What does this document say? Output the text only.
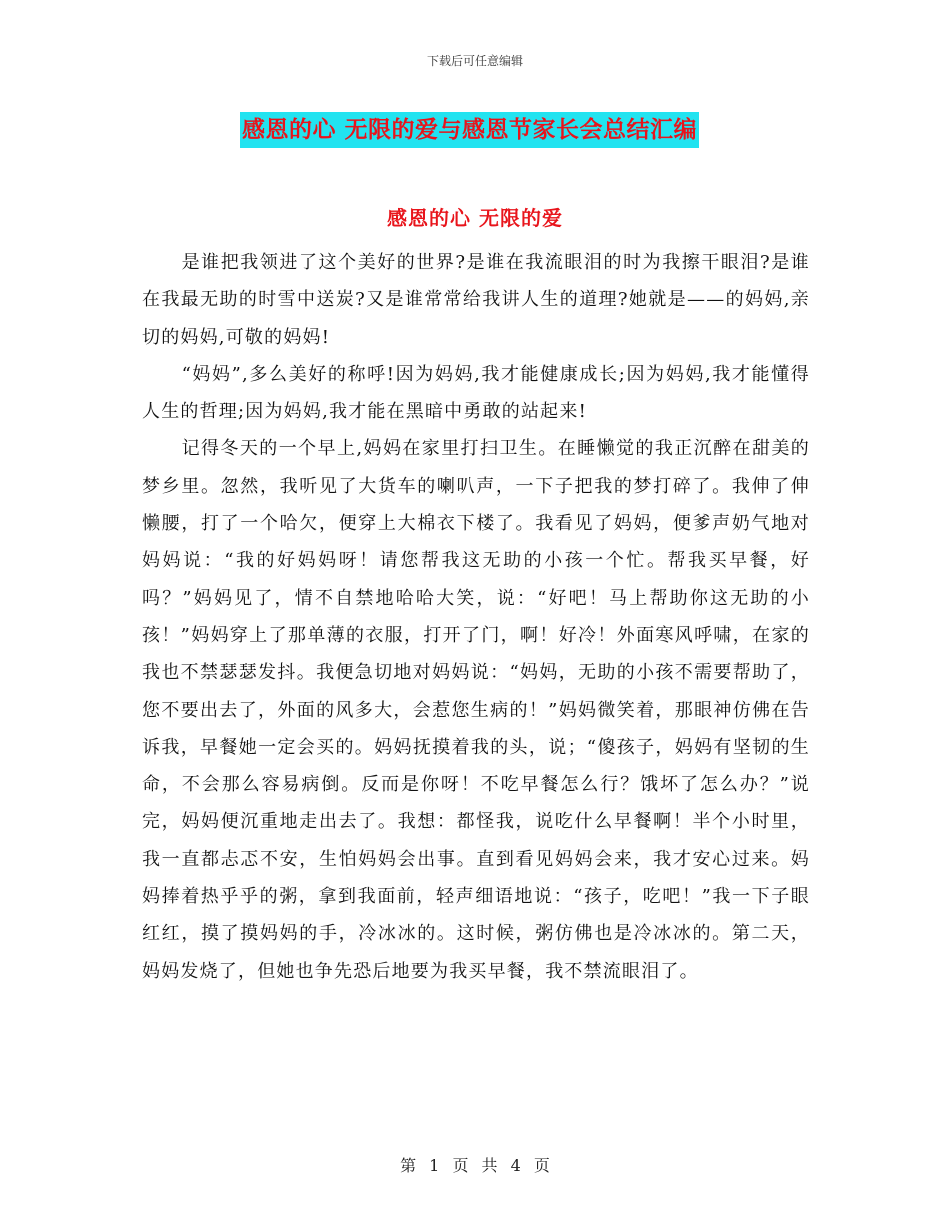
下载后可任意编辑
感恩的心 无限的爱与感恩节家长会总结汇编
感恩的心 无限的爱

是谁把我领进了这个美好的世界?是谁在我流眼泪的时为我擦干眼泪?是谁在我最无助的时雪中送炭?又是谁常常给我讲人生的道理?她就是——的妈妈,亲切的妈妈,可敬的妈妈!

“妈妈”,多么美好的称呼!因为妈妈,我才能健康成长;因为妈妈,我才能懂得人生的哲理;因为妈妈,我才能在黑暗中勇敢的站起来!

记得冬天的一个早上,妈妈在家里打扫卫生。在睡懒觉的我正沉醉在甜美的梦乡里。忽然，我听见了大货车的喇叭声，一下子把我的梦打碎了。我伸了伸懒腰，打了一个哈欠，便穿上大棉衣下楼了。我看见了妈妈，便爹声奶气地对妈妈说：“我的好妈妈呀！请您帮我这无助的小孩一个忙。帮我买早餐，好吗？”妈妈见了，情不自禁地哈哈大笑，说：“好吧！马上帮助你这无助的小孩！”妈妈穿上了那单薄的衣服，打开了门，啊！好冷！外面寒风呼啸，在家的我也不禁瑟瑟发抖。我便急切地对妈妈说：“妈妈，无助的小孩不需要帮助了，您不要出去了，外面的风多大，会惹您生病的！”妈妈微笑着，那眼神仿佛在告诉我，早餐她一定会买的。妈妈抚摸着我的头，说；“傻孩子，妈妈有坚韧的生命，不会那么容易病倒。反而是你呀！不吃早餐怎么行？饿坏了怎么办？”说完，妈妈便沉重地走出去了。我想：都怪我，说吃什么早餐啊！半个小时里，我一直都忐忑不安，生怕妈妈会出事。直到看见妈妈会来，我才安心过来。妈妈捧着热乎乎的粥，拿到我面前，轻声细语地说：“孩子，吃吧！”我一下子眼红红，摸了摸妈妈的手，冷冰冰的。这时候，粥仿佛也是冷冰冰的。第二天，妈妈发烧了，但她也争先恐后地要为我买早餐，我不禁流眼泪了。

第 1 页 共 4 页
